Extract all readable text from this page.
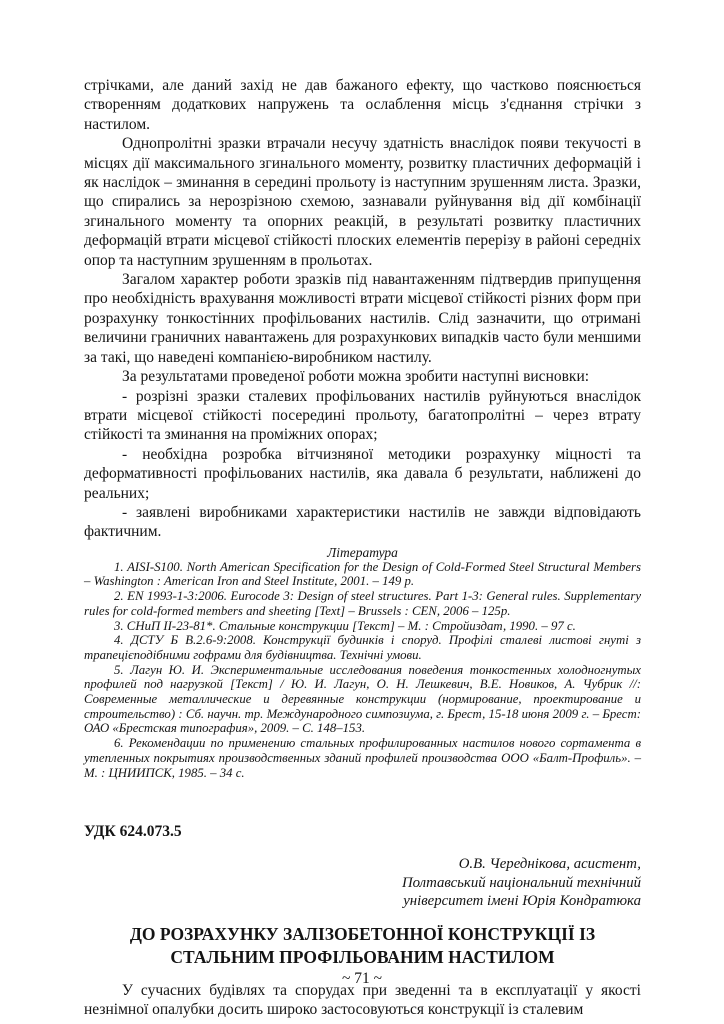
стрічками, але даний захід не дав бажаного ефекту, що частково пояснюється створенням додаткових напружень та ослаблення місць з'єднання стрічки з настилом.

Однопролітні зразки втрачали несучу здатність внаслідок появи текучості в місцях дії максимального згинального моменту, розвитку пластичних деформацій і як наслідок – зминання в середині прольоту із наступним зрушенням листа. Зразки, що спирались за нерозрізною схемою, зазнавали руйнування від дії комбінації згинального моменту та опорних реакцій, в результаті розвитку пластичних деформацій втрати місцевої стійкості плоских елементів перерізу в районі середніх опор та наступним зрушенням в прольотах.

Загалом характер роботи зразків під навантаженням підтвердив припущення про необхідність врахування можливості втрати місцевої стійкості різних форм при розрахунку тонкостінних профільованих настилів. Слід зазначити, що отримані величини граничних навантажень для розрахункових випадків часто були меншими за такі, що наведені компанією-виробником настилу.

За результатами проведеної роботи можна зробити наступні висновки:

- розрізні зразки сталевих профільованих настилів руйнуються внаслідок втрати місцевої стійкості посередині прольоту, багатопролітні – через втрату стійкості та зминання на проміжних опорах;

- необхідна розробка вітчизняної методики розрахунку міцності та деформативності профільованих настилів, яка давала б результати, наближені до реальних;

- заявлені виробниками характеристики настилів не завжди відповідають фактичним.

Література

1. AISI-S100. North American Specification for the Design of Cold-Formed Steel Structural Members – Washington : American Iron and Steel Institute, 2001. – 149 р.

2. EN 1993-1-3:2006. Eurocode 3: Design of steel structures. Part 1-3: General rules. Supplementary rules for cold-formed members and sheeting [Text] – Brussels : CEN, 2006 – 125р.

3. СНиП II-23-81*. Стальные конструкции [Текст] – М. : Стройиздат, 1990. – 97 с.

4. ДСТУ Б В.2.6-9:2008. Конструкції будинків і споруд. Профілі сталеві листові гнуті з трапецієподібними гофрами для будівництва. Технічні умови.

5. Лагун Ю. И. Экспериментальные исследования поведения тонкостенных холодногнутых профилей под нагрузкой [Текст] / Ю. И. Лагун, О. Н. Лешкевич, В.Е. Новиков, А. Чубрик //: Современные металлические и деревянные конструкции (нормирование, проектирование и строительство) : Сб. научн. тр. Международного симпозиума, г. Брест, 15-18 июня 2009 г. – Брест: ОАО «Брестская типография», 2009. – С. 148–153.

6. Рекомендации по применению стальных профилированных настилов нового сортамента в утепленных покрытиях производственных зданий профилей производства ООО «Балт-Профиль». – М. : ЦНИИПСК, 1985. – 34 с.

УДК 624.073.5

О.В. Череднікова, асистент,
Полтавський національний технічний
університет імені Юрія Кондратюка
ДО РОЗРАХУНКУ ЗАЛІЗОБЕТОННОЇ КОНСТРУКЦІЇ ІЗ СТАЛЬНИМ ПРОФІЛЬОВАНИМ НАСТИЛОМ

У сучасних будівлях та спорудах при зведенні та в експлуатації у якості незнімної опалубки досить широко застосовуються конструкції із сталевим

~ 71 ~
